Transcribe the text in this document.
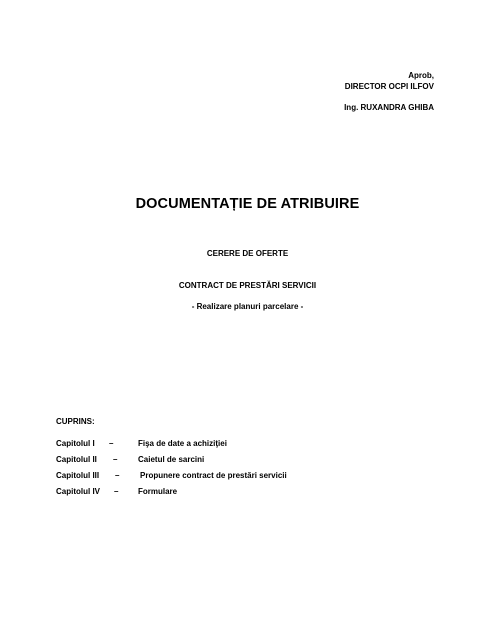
Aprob,
DIRECTOR OCPI ILFOV
Ing. RUXANDRA GHIBA
DOCUMENTAȚIE DE ATRIBUIRE
CERERE DE OFERTE
CONTRACT DE PRESTĂRI SERVICII
- Realizare planuri parcelare -
CUPRINS:
Capitolul I –	Fişa de date a achiziţiei
Capitolul II –	Caietul de sarcini
Capitolul III –	Propunere contract de prestări servicii
Capitolul IV – Formulare
